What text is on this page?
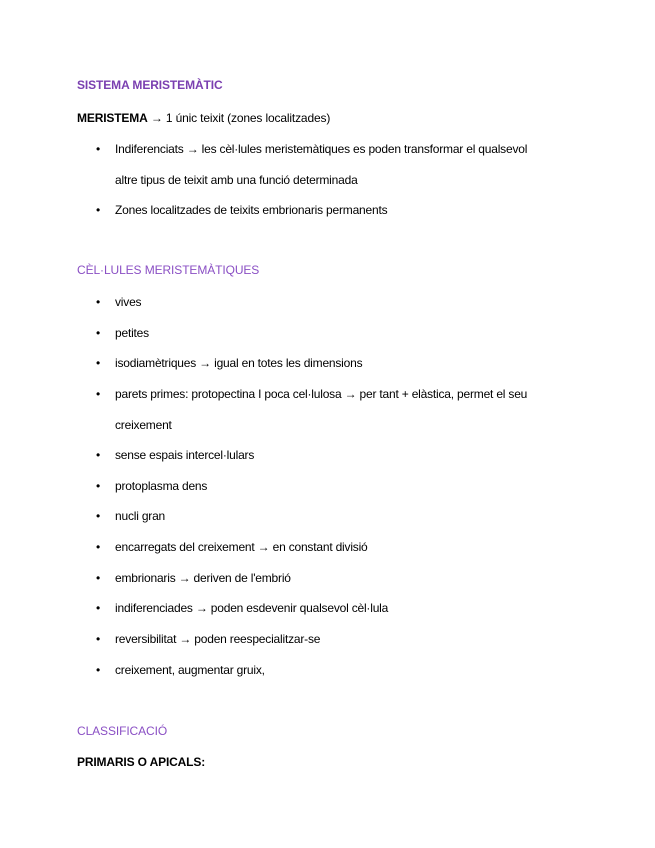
SISTEMA MERISTEMÀTIC
MERISTEMA → 1 únic teixit (zones localitzades)
• Indiferenciats → les cèl·lules meristemàtiques es poden transformar el qualsevol
altre tipus de teixit amb una funció determinada
• Zones localitzades de teixits embrionaris permanents
CÈL·LULES MERISTEMÀTIQUES
• vives
• petites
• isodiamètriques → igual en totes les dimensions
• parets primes: protopectina I poca cel·lulosa → per tant + elàstica, permet el seu
creixement
• sense espais intercel·lulars
• protoplasma dens
• nucli gran
• encarregats del creixement → en constant divisió
• embrionaris → deriven de l'embrió
• indiferenciades → poden esdevenir qualsevol cèl·lula
• reversibilitat → poden reespecialitzar-se
• creixement, augmentar gruix,
CLASSIFICACIÓ
PRIMARIS O APICALS:
